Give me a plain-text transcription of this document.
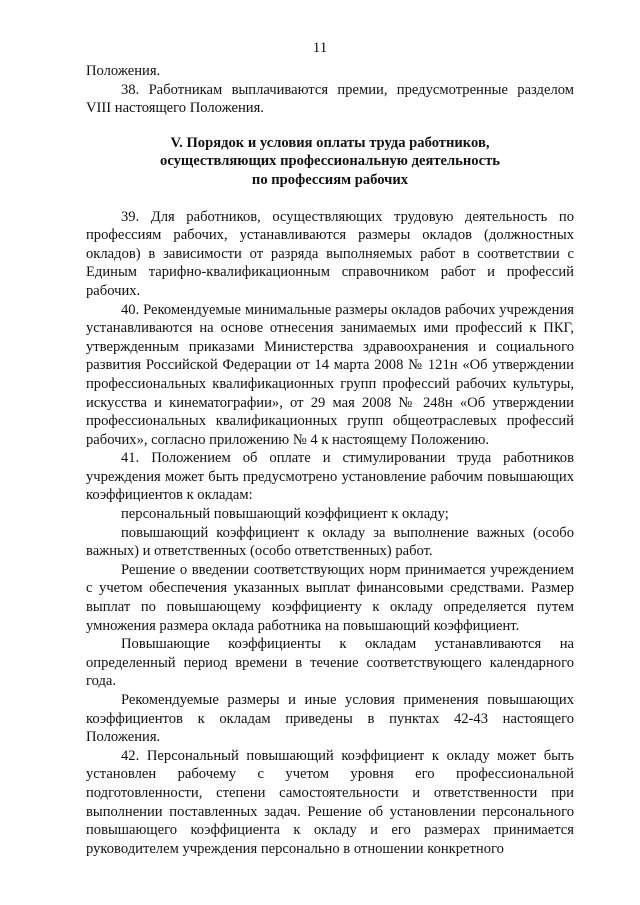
11

Положения.

38. Работникам выплачиваются премии, предусмотренные разделом VIII настоящего Положения.

V. Порядок и условия оплаты труда работников,
осуществляющих профессиональную деятельность
по профессиям рабочих

39. Для работников, осуществляющих трудовую деятельность по профессиям рабочих, устанавливаются размеры окладов (должностных окладов) в зависимости от разряда выполняемых работ в соответствии с Единым тарифно-квалификационным справочником работ и профессий рабочих.

40. Рекомендуемые минимальные размеры окладов рабочих учреждения устанавливаются на основе отнесения занимаемых ими профессий к ПКГ, утвержденным приказами Министерства здравоохранения и социального развития Российской Федерации от 14 марта 2008 № 121н «Об утверждении профессиональных квалификационных групп профессий рабочих культуры, искусства и кинематографии», от 29 мая 2008 № 248н «Об утверждении профессиональных квалификационных групп общеотраслевых профессий рабочих», согласно приложению № 4 к настоящему Положению.

41. Положением об оплате и стимулировании труда работников учреждения может быть предусмотрено установление рабочим повышающих коэффициентов к окладам:

персональный повышающий коэффициент к окладу;

повышающий коэффициент к окладу за выполнение важных (особо важных) и ответственных (особо ответственных) работ.

Решение о введении соответствующих норм принимается учреждением с учетом обеспечения указанных выплат финансовыми средствами. Размер выплат по повышающему коэффициенту к окладу определяется путем умножения размера оклада работника на повышающий коэффициент.

Повышающие коэффициенты к окладам устанавливаются на определенный период времени в течение соответствующего календарного года.

Рекомендуемые размеры и иные условия применения повышающих коэффициентов к окладам приведены в пунктах 42-43 настоящего Положения.

42. Персональный повышающий коэффициент к окладу может быть установлен рабочему с учетом уровня его профессиональной подготовленности, степени самостоятельности и ответственности при выполнении поставленных задач. Решение об установлении персонального повышающего коэффициента к окладу и его размерах принимается руководителем учреждения персонально в отношении конкретного
